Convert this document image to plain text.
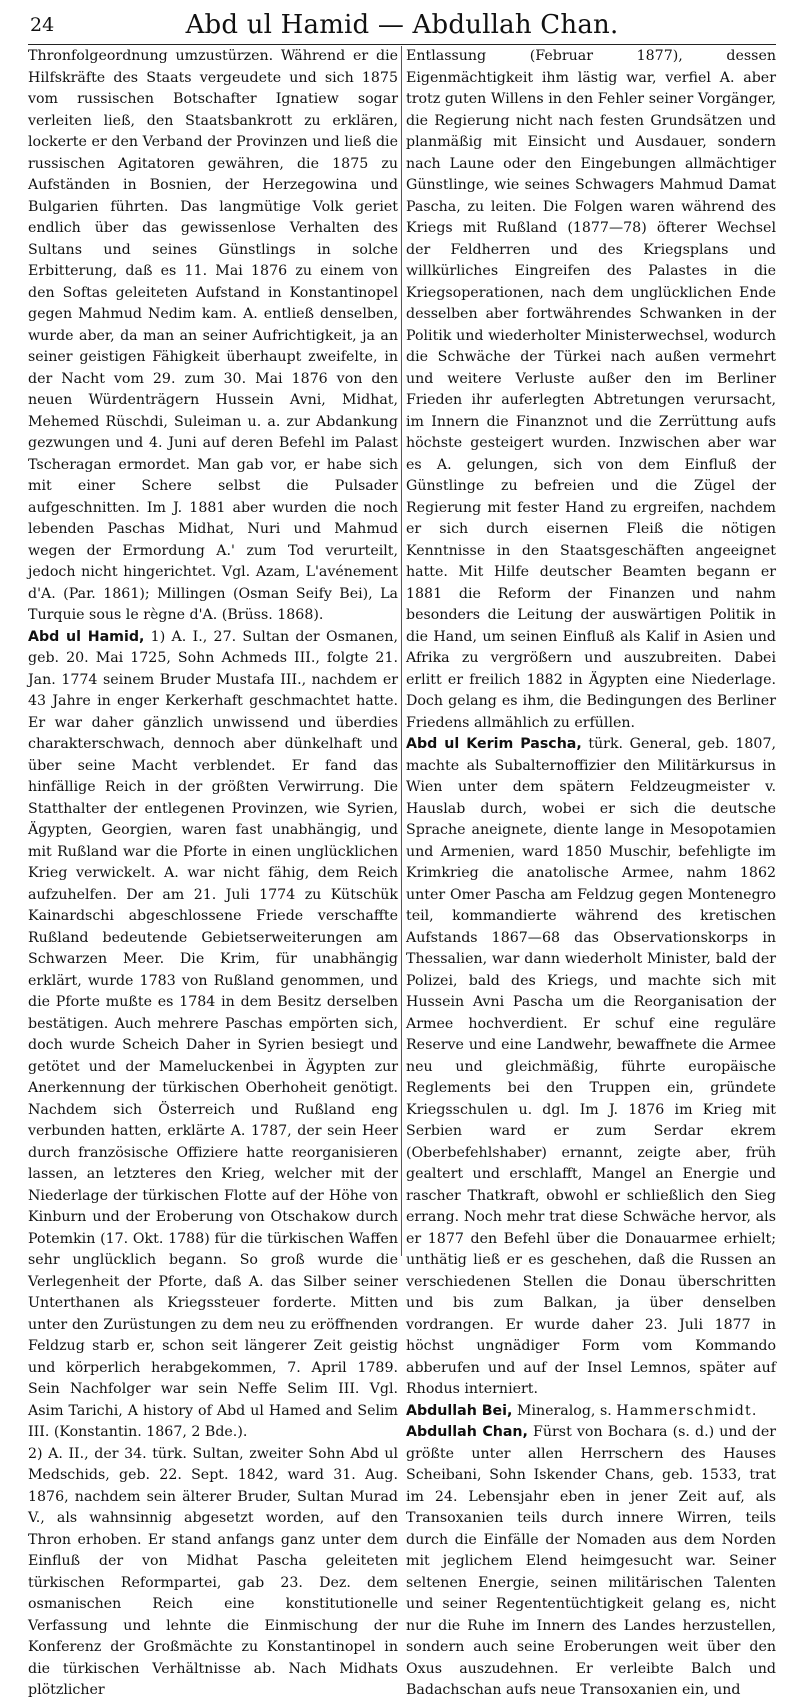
24	Abd ul Hamid — Abdullah Chan.

Thronfolgeordnung umzustürzen. Während er die Hilfskräfte des Staats vergeudete und sich 1875 vom russischen Botschafter Ignatiew sogar verleiten ließ, den Staatsbankrott zu erklären, lockerte er den Verband der Provinzen und ließ die russischen Agitatoren gewähren, die 1875 zu Aufständen in Bosnien, der Herzegowina und Bulgarien führten. Das langmütige Volk geriet endlich über das gewissenlose Verhalten des Sultans und seines Günstlings in solche Erbitterung, daß es 11. Mai 1876 zu einem von den Softas geleiteten Aufstand in Konstantinopel gegen Mahmud Nedim kam. A. entließ denselben, wurde aber, da man an seiner Aufrichtigkeit, ja an seiner geistigen Fähigkeit überhaupt zweifelte, in der Nacht vom 29. zum 30. Mai 1876 von den neuen Würdenträgern Hussein Avni, Midhat, Mehemed Rüschdi, Suleiman u. a. zur Abdankung gezwungen und 4. Juni auf deren Befehl im Palast Tscheragan ermordet. Man gab vor, er habe sich mit einer Schere selbst die Pulsader aufgeschnitten. Im J. 1881 aber wurden die noch lebenden Paschas Midhat, Nuri und Mahmud wegen der Ermordung A.' zum Tod verurteilt, jedoch nicht hingerichtet. Vgl. Azam, L'avénement d'A. (Par. 1861); Millingen (Osman Seify Bei), La Turquie sous le règne d'A. (Brüss. 1868).

Abd ul Hamid, 1) A. I., 27. Sultan der Osmanen, geb. 20. Mai 1725, Sohn Achmeds III., folgte 21. Jan. 1774 seinem Bruder Mustafa III., nachdem er 43 Jahre in enger Kerkerhaft geschmachtet hatte. Er war daher gänzlich unwissend und überdies charakterschwach, dennoch aber dünkelhaft und über seine Macht verblendet. Er fand das hinfällige Reich in der größten Verwirrung. Die Statthalter der entlegenen Provinzen, wie Syrien, Ägypten, Georgien, waren fast unabhängig, und mit Rußland war die Pforte in einen unglücklichen Krieg verwickelt. A. war nicht fähig, dem Reich aufzuhelfen. Der am 21. Juli 1774 zu Kütschük Kainardschi abgeschlossene Friede verschaffte Rußland bedeutende Gebietserweiterungen am Schwarzen Meer. Die Krim, für unabhängig erklärt, wurde 1783 von Rußland genommen, und die Pforte mußte es 1784 in dem Besitz derselben bestätigen. Auch mehrere Paschas empörten sich, doch wurde Scheich Daher in Syrien besiegt und getötet und der Mameluckenbei in Ägypten zur Anerkennung der türkischen Oberhoheit genötigt. Nachdem sich Österreich und Rußland eng verbunden hatten, erklärte A. 1787, der sein Heer durch französische Offiziere hatte reorganisieren lassen, an letzteres den Krieg, welcher mit der Niederlage der türkischen Flotte auf der Höhe von Kinburn und der Eroberung von Otschakow durch Potemkin (17. Okt. 1788) für die türkischen Waffen sehr unglücklich begann. So groß wurde die Verlegenheit der Pforte, daß A. das Silber seiner Unterthanen als Kriegssteuer forderte. Mitten unter den Zurüstungen zu dem neu zu eröffnenden Feldzug starb er, schon seit längerer Zeit geistig und körperlich herabgekommen, 7. April 1789. Sein Nachfolger war sein Neffe Selim III. Vgl. Asim Tarichi, A history of Abd ul Hamed and Selim III. (Konstantin. 1867, 2 Bde.).

2) A. II., der 34. türk. Sultan, zweiter Sohn Abd ul Medschids, geb. 22. Sept. 1842, ward 31. Aug. 1876, nachdem sein älterer Bruder, Sultan Murad V., als wahnsinnig abgesetzt worden, auf den Thron erhoben. Er stand anfangs ganz unter dem Einfluß der von Midhat Pascha geleiteten türkischen Reformpartei, gab 23. Dez. dem osmanischen Reich eine konstitutionelle Verfassung und lehnte die Einmischung der Konferenz der Großmächte zu Konstantinopel in die türkischen Verhältnisse ab. Nach Midhats plötzlicher

Entlassung (Februar 1877), dessen Eigenmächtigkeit ihm lästig war, verfiel A. aber trotz guten Willens in den Fehler seiner Vorgänger, die Regierung nicht nach festen Grundsätzen und planmäßig mit Einsicht und Ausdauer, sondern nach Laune oder den Eingebungen allmächtiger Günstlinge, wie seines Schwagers Mahmud Damat Pascha, zu leiten. Die Folgen waren während des Kriegs mit Rußland (1877—78) öfterer Wechsel der Feldherren und des Kriegsplans und willkürliches Eingreifen des Palastes in die Kriegsoperationen, nach dem unglücklichen Ende desselben aber fortwährendes Schwanken in der Politik und wiederholter Ministerwechsel, wodurch die Schwäche der Türkei nach außen vermehrt und weitere Verluste außer den im Berliner Frieden ihr auferlegten Abtretungen verursacht, im Innern die Finanznot und die Zerrüttung aufs höchste gesteigert wurden. Inzwischen aber war es A. gelungen, sich von dem Einfluß der Günstlinge zu befreien und die Zügel der Regierung mit fester Hand zu ergreifen, nachdem er sich durch eisernen Fleiß die nötigen Kenntnisse in den Staatsgeschäften angeeignet hatte. Mit Hilfe deutscher Beamten begann er 1881 die Reform der Finanzen und nahm besonders die Leitung der auswärtigen Politik in die Hand, um seinen Einfluß als Kalif in Asien und Afrika zu vergrößern und auszubreiten. Dabei erlitt er freilich 1882 in Ägypten eine Niederlage. Doch gelang es ihm, die Bedingungen des Berliner Friedens allmählich zu erfüllen.

Abd ul Kerim Pascha, türk. General, geb. 1807, machte als Subalternoffizier den Militärkursus in Wien unter dem spätern Feldzeugmeister v. Hauslab durch, wobei er sich die deutsche Sprache aneignete, diente lange in Mesopotamien und Armenien, ward 1850 Muschir, befehligte im Krimkrieg die anatolische Armee, nahm 1862 unter Omer Pascha am Feldzug gegen Montenegro teil, kommandierte während des kretischen Aufstands 1867—68 das Observationskorps in Thessalien, war dann wiederholt Minister, bald der Polizei, bald des Kriegs, und machte sich mit Hussein Avni Pascha um die Reorganisation der Armee hochverdient. Er schuf eine reguläre Reserve und eine Landwehr, bewaffnete die Armee neu und gleichmäßig, führte europäische Reglements bei den Truppen ein, gründete Kriegsschulen u. dgl. Im J. 1876 im Krieg mit Serbien ward er zum Serdar ekrem (Oberbefehlshaber) ernannt, zeigte aber, früh gealtert und erschlafft, Mangel an Energie und rascher Thatkraft, obwohl er schließlich den Sieg errang. Noch mehr trat diese Schwäche hervor, als er 1877 den Befehl über die Donauarmee erhielt; unthätig ließ er es geschehen, daß die Russen an verschiedenen Stellen die Donau überschritten und bis zum Balkan, ja über denselben vordrangen. Er wurde daher 23. Juli 1877 in höchst ungnädiger Form vom Kommando abberufen und auf der Insel Lemnos, später auf Rhodus interniert.

Abdullah Bei, Mineralog, s. Hammerschmidt.

Abdullah Chan, Fürst von Bochara (s. d.) und der größte unter allen Herrschern des Hauses Scheibani, Sohn Iskender Chans, geb. 1533, trat im 24. Lebensjahr eben in jener Zeit auf, als Transoxanien teils durch innere Wirren, teils durch die Einfälle der Nomaden aus dem Norden mit jeglichem Elend heimgesucht war. Seiner seltenen Energie, seinen militärischen Talenten und seiner Regententüchtigkeit gelang es, nicht nur die Ruhe im Innern des Landes herzustellen, sondern auch seine Eroberungen weit über den Oxus auszudehnen. Er verleibte Balch und Badachschan aufs neue Transoxanien ein, und
